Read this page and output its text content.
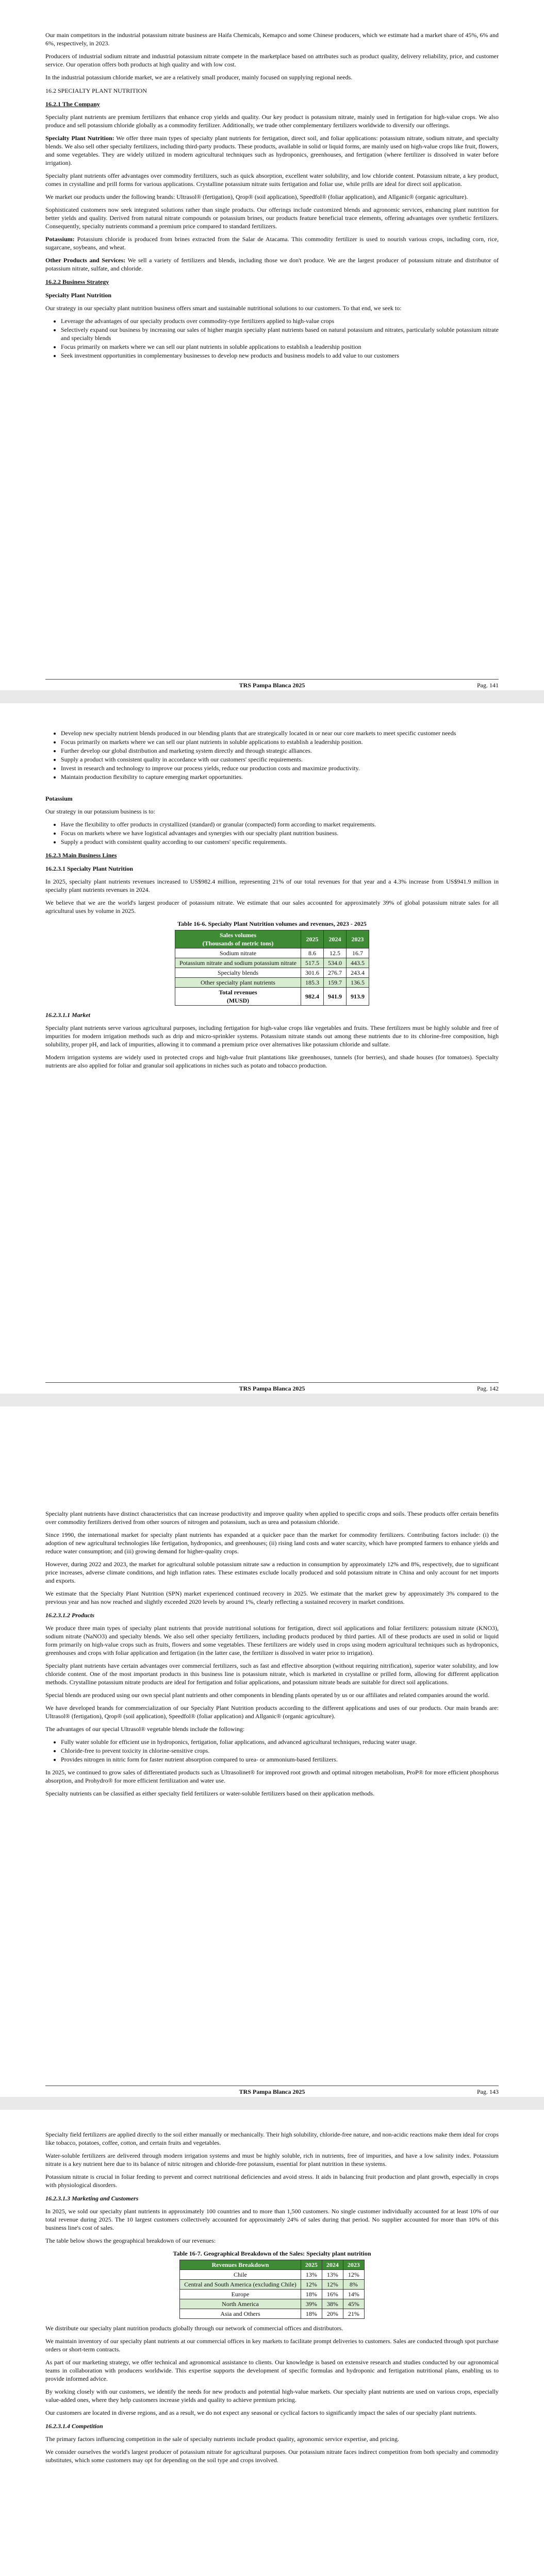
Our main competitors in the industrial potassium nitrate business are Haifa Chemicals, Kemapco and some Chinese producers, which we estimate had a market share of 45%, 6% and 6%, respectively, in 2023.

Producers of industrial sodium nitrate and industrial potassium nitrate compete in the marketplace based on attributes such as product quality, delivery reliability, price, and customer service. Our operation offers both products at high quality and with low cost.

In the industrial potassium chloride market, we are a relatively small producer, mainly focused on supplying regional needs.

16.2 SPECIALTY PLANT NUTRITION
16.2.1 The Company

Specialty plant nutrients are premium fertilizers that enhance crop yields and quality. Our key product is potassium nitrate, mainly used in fertigation for high-value crops. We also produce and sell potassium chloride globally as a commodity fertilizer. Additionally, we trade other complementary fertilizers worldwide to diversify our offerings.

Specialty Plant Nutrition: We offer three main types of specialty plant nutrients for fertigation, direct soil, and foliar applications: potassium nitrate, sodium nitrate, and specialty blends. We also sell other specialty fertilizers, including third-party products. These products, available in solid or liquid forms, are mainly used on high-value crops like fruit, flowers, and some vegetables. They are widely utilized in modern agricultural techniques such as hydroponics, greenhouses, and fertigation (where fertilizer is dissolved in water before irrigation).

Specialty plant nutrients offer advantages over commodity fertilizers, such as quick absorption, excellent water solubility, and low chloride content. Potassium nitrate, a key product, comes in crystalline and prill forms for various applications. Crystalline potassium nitrate suits fertigation and foliar use, while prills are ideal for direct soil application.

We market our products under the following brands: Ultrasol® (fertigation), Qrop® (soil application), Speedfol® (foliar application), and Allganic® (organic agriculture).

Sophisticated customers now seek integrated solutions rather than single products. Our offerings include customized blends and agronomic services, enhancing plant nutrition for better yields and quality. Derived from natural nitrate compounds or potassium brines, our products feature beneficial trace elements, offering advantages over synthetic fertilizers. Consequently, specialty nutrients command a premium price compared to standard fertilizers.

Potassium: Potassium chloride is produced from brines extracted from the Salar de Atacama. This commodity fertilizer is used to nourish various crops, including corn, rice, sugarcane, soybeans, and wheat.

Other Products and Services: We sell a variety of fertilizers and blends, including those we don't produce. We are the largest producer of potassium nitrate and distributor of potassium nitrate, sulfate, and chloride.

16.2.2 Business Strategy
Specialty Plant Nutrition

Our strategy in our specialty plant nutrition business offers smart and sustainable nutritional solutions to our customers. To that end, we seek to:

• Leverage the advantages of our specialty products over commodity-type fertilizers applied to high-value crops
• Selectively expand our business by increasing our sales of higher margin specialty plant nutrients based on natural potassium and nitrates, particularly soluble potassium nitrate and specialty blends
• Focus primarily on markets where we can sell our plant nutrients in soluble applications to establish a leadership position
• Seek investment opportunities in complementary businesses to develop new products and business models to add value to our customers
TRS Pampa Blanca 2025	Pag. 141
• Develop new specialty nutrient blends produced in our blending plants that are strategically located in or near our core markets to meet specific customer needs
• Focus primarily on markets where we can sell our plant nutrients in soluble applications to establish a leadership position.
• Further develop our global distribution and marketing system directly and through strategic alliances.
• Supply a product with consistent quality in accordance with our customers' specific requirements.
• Invest in research and technology to improve our process yields, reduce our production costs and maximize productivity.
• Maintain production flexibility to capture emerging market opportunities.
Potassium

Our strategy in our potassium business is to:

• Have the flexibility to offer products in crystallized (standard) or granular (compacted) form according to market requirements.
• Focus on markets where we have logistical advantages and synergies with our specialty plant nutrition business.
• Supply a product with consistent quality according to our customers' specific requirements.
16.2.3 Main Business Lines
16.2.3.1 Specialty Plant Nutrition

In 2025, specialty plant nutrients revenues increased to US$982.4 million, representing 21% of our total revenues for that year and a 4.3% increase from US$941.9 million in specialty plant nutrients revenues in 2024.

We believe that we are the world's largest producer of potassium nitrate. We estimate that our sales accounted for approximately 39% of global potassium nitrate sales for all agricultural uses by volume in 2025.

Table 16-6. Specialty Plant Nutrition volumes and revenues, 2023 - 2025
Sales volumes
(Thousands of metric tons)	2025	2024	2023
Sodium nitrate	8.6	12.5	16.7
Potassium nitrate and sodium potassium nitrate	517.5	534.0	443.5
Specialty blends	301.6	276.7	243.4
Other specialty plant nutrients	185.3	159.7	136.5
Total revenues
(MUSD)	982.4	941.9	913.9
16.2.3.1.1 Market

Specialty plant nutrients serve various agricultural purposes, including fertigation for high-value crops like vegetables and fruits. These fertilizers must be highly soluble and free of impurities for modern irrigation methods such as drip and micro-sprinkler systems. Potassium nitrate stands out among these nutrients due to its chlorine-free composition, high solubility, proper pH, and lack of impurities, allowing it to command a premium price over alternatives like potassium chloride and sulfate.

Modern irrigation systems are widely used in protected crops and high-value fruit plantations like greenhouses, tunnels (for berries), and shade houses (for tomatoes). Specialty nutrients are also applied for foliar and granular soil applications in niches such as potato and tobacco production.

TRS Pampa Blanca 2025	Pag. 142

Specialty plant nutrients have distinct characteristics that can increase productivity and improve quality when applied to specific crops and soils. These products offer certain benefits over commodity fertilizers derived from other sources of nitrogen and potassium, such as urea and potassium chloride.

Since 1990, the international market for specialty plant nutrients has expanded at a quicker pace than the market for commodity fertilizers. Contributing factors include: (i) the adoption of new agricultural technologies like fertigation, hydroponics, and greenhouses; (ii) rising land costs and water scarcity, which have prompted farmers to enhance yields and reduce water consumption; and (iii) growing demand for higher-quality crops.

However, during 2022 and 2023, the market for agricultural soluble potassium nitrate saw a reduction in consumption by approximately 12% and 8%, respectively, due to significant price increases, adverse climate conditions, and high inflation rates. These estimates exclude locally produced and sold potassium nitrate in China and only account for net imports and exports.

We estimate that the Specialty Plant Nutrition (SPN) market experienced continued recovery in 2025. We estimate that the market grew by approximately 3% compared to the previous year and has now reached and slightly exceeded 2020 levels by around 1%, clearly reflecting a sustained recovery in market conditions.

16.2.3.1.2 Products

We produce three main types of specialty plant nutrients that provide nutritional solutions for fertigation, direct soil applications and foliar fertilizers: potassium nitrate (KNO3), sodium nitrate (NaNO3) and specialty blends. We also sell other specialty fertilizers, including products produced by third parties. All of these products are used in solid or liquid form primarily on high-value crops such as fruits, flowers and some vegetables. These fertilizers are widely used in crops using modern agricultural techniques such as hydroponics, greenhouses and crops with foliar application and fertigation (in the latter case, the fertilizer is dissolved in water prior to irrigation).

Specialty plant nutrients have certain advantages over commercial fertilizers, such as fast and effective absorption (without requiring nitrification), superior water solubility, and low chloride content. One of the most important products in this business line is potassium nitrate, which is marketed in crystalline or prilled form, allowing for different application methods. Crystalline potassium nitrate products are ideal for fertigation and foliar applications, and potassium nitrate beads are suitable for direct soil applications.

Special blends are produced using our own special plant nutrients and other components in blending plants operated by us or our affiliates and related companies around the world.

We have developed brands for commercialization of our Specialty Plant Nutrition products according to the different applications and uses of our products. Our main brands are: Ultrasol® (fertigation), Qrop® (soil application), Speedfol® (foliar application) and Allganic® (organic agriculture).

The advantages of our special Ultrasol® vegetable blends include the following:

• Fully water soluble for efficient use in hydroponics, fertigation, foliar applications, and advanced agricultural techniques, reducing water usage.
• Chloride-free to prevent toxicity in chlorine-sensitive crops.
• Provides nitrogen in nitric form for faster nutrient absorption compared to urea- or ammonium-based fertilizers.

In 2025, we continued to grow sales of differentiated products such as Ultrasolinet® for improved root growth and optimal nitrogen metabolism, ProP® for more efficient phosphorus absorption, and Prohydro® for more efficient fertilization and water use.

Specialty nutrients can be classified as either specialty field fertilizers or water-soluble fertilizers based on their application methods.

TRS Pampa Blanca 2025	Pag. 143

Specialty field fertilizers are applied directly to the soil either manually or mechanically. Their high solubility, chloride-free nature, and non-acidic reactions make them ideal for crops like tobacco, potatoes, coffee, cotton, and certain fruits and vegetables.

Water-soluble fertilizers are delivered through modern irrigation systems and must be highly soluble, rich in nutrients, free of impurities, and have a low salinity index. Potassium nitrate is a key nutrient here due to its balance of nitric nitrogen and chloride-free potassium, essential for plant nutrition in these systems.

Potassium nitrate is crucial in foliar feeding to prevent and correct nutritional deficiencies and avoid stress. It aids in balancing fruit production and plant growth, especially in crops with physiological disorders.

16.2.3.1.3 Marketing and Customers

In 2025, we sold our specialty plant nutrients in approximately 100 countries and to more than 1,500 customers. No single customer individually accounted for at least 10% of our total revenue during 2025. The 10 largest customers collectively accounted for approximately 24% of sales during that period. No supplier accounted for more than 10% of this business line's cost of sales.

The table below shows the geographical breakdown of our revenues:

Table 16-7. Geographical Breakdown of the Sales: Specialty plant nutrition
Revenues Breakdown	2025	2024	2023
Chile	13%	13%	12%
Central and South America (excluding Chile)	12%	12%	8%
Europe	18%	16%	14%
North America	39%	38%	45%
Asia and Others	18%	20%	21%

We distribute our specialty plant nutrition products globally through our network of commercial offices and distributors.

We maintain inventory of our specialty plant nutrients at our commercial offices in key markets to facilitate prompt deliveries to customers. Sales are conducted through spot purchase orders or short-term contracts.

As part of our marketing strategy, we offer technical and agronomical assistance to clients. Our knowledge is based on extensive research and studies conducted by our agronomical teams in collaboration with producers worldwide. This expertise supports the development of specific formulas and hydroponic and fertigation nutritional plans, enabling us to provide informed advice.

By working closely with our customers, we identify the needs for new products and potential high-value markets. Our specialty plant nutrients are used on various crops, especially value-added ones, where they help customers increase yields and quality to achieve premium pricing.

Our customers are located in diverse regions, and as a result, we do not expect any seasonal or cyclical factors to significantly impact the sales of our specialty plant nutrients.

16.2.3.1.4 Competition

The primary factors influencing competition in the sale of specialty nutrients include product quality, agronomic service expertise, and pricing.

We consider ourselves the world's largest producer of potassium nitrate for agricultural purposes. Our potassium nitrate faces indirect competition from both specialty and commodity substitutes, which some customers may opt for depending on the soil type and crops involved.
